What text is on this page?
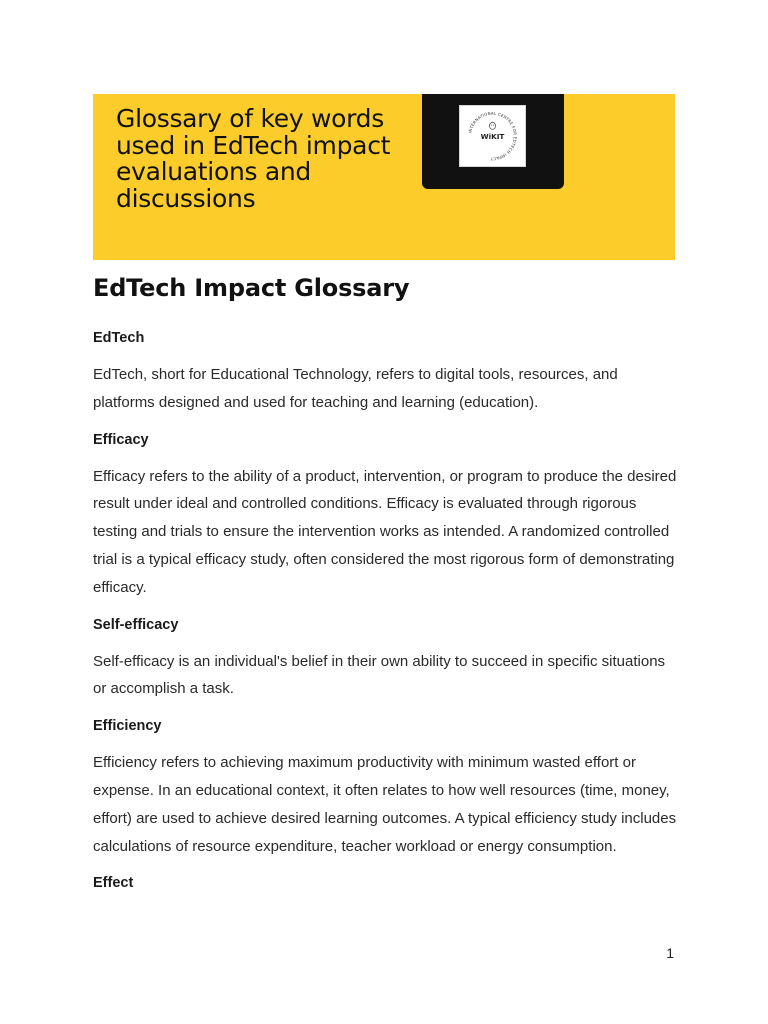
Glossary of key words used in EdTech impact evaluations and discussions
INTERNATIONAL CENTRE FOR EDTECH IMPACT
WiKIT
EdTech Impact Glossary

EdTech

EdTech, short for Educational Technology, refers to digital tools, resources, and platforms designed and used for teaching and learning (education).

Efficacy

Efficacy refers to the ability of a product, intervention, or program to produce the desired result under ideal and controlled conditions. Efficacy is evaluated through rigorous testing and trials to ensure the intervention works as intended. A randomized controlled trial is a typical efficacy study, often considered the most rigorous form of demonstrating efficacy.

Self-efficacy

Self-efficacy is an individual's belief in their own ability to succeed in specific situations or accomplish a task.

Efficiency

Efficiency refers to achieving maximum productivity with minimum wasted effort or expense. In an educational context, it often relates to how well resources (time, money, effort) are used to achieve desired learning outcomes. A typical efficiency study includes calculations of resource expenditure, teacher workload or energy consumption.

Effect

1
